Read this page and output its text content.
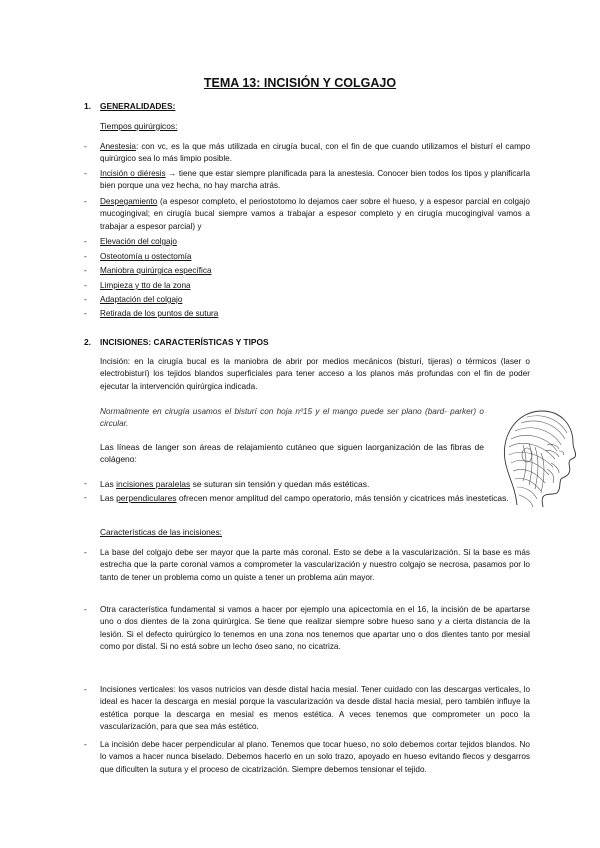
TEMA 13: INCISIÓN Y COLGAJO
1. GENERALIDADES:
Tiempos quirúrgicos:
- Anestesia: con vc, es la que más utilizada en cirugía bucal, con el fin de que cuando utilizamos el bisturí el campo quirúrgico sea lo más limpio posible.
- Incisión o diéresis → tiene que estar siempre planificada para la anestesia. Conocer bien todos los tipos y planificarla bien porque una vez hecha, no hay marcha atrás.
- Despegamiento (a espesor completo, el periostotomo lo dejamos caer sobre el hueso, y a espesor parcial en colgajo mucogingival; en cirugía bucal siempre vamos a trabajar a espesor completo y en cirugía mucogingival vamos a trabajar a espesor parcial) y
- Elevación del colgajo
- Osteotomía u ostectomía
- Maniobra quirúrgica específica
- Limpieza y tto de la zona
- Adaptación del colgajo
- Retirada de los puntos de sutura
2. INCISIONES: CARACTERÍSTICAS Y TIPOS
Incisión: en la cirugía bucal es la maniobra de abrir por medios mecánicos (bisturí, tijeras) o térmicos (laser o electrobisturí) los tejidos blandos superficiales para tener acceso a los planos más profundas con el fin de poder ejecutar la intervención quirúrgica indicada.
Normalmente en cirugía usamos el bisturí con hoja nº15 y el mango puede ser plano (bard- parker) o circular.
Las líneas de langer son áreas de relajamiento cutáneo que siguen laorganización de las fibras de colágeno:
- Las incisiones paralelas se suturan sin tensión y quedan más estéticas.
- Las perpendiculares ofrecen menor amplitud del campo operatorio, más tensión y cicatrices más inesteticas.
Características de las incisiones:
- La base del colgajo debe ser mayor que la parte más coronal. Esto se debe a la vascularización. Si la base es más estrecha que la parte coronal vamos a comprometer la vascularización y nuestro colgajo se necrosa, pasamos por lo tanto de tener un problema como un quiste a tener un problema aún mayor.
- Otra característica fundamental si vamos a hacer por ejemplo una apicectomía en el 16, la incisión de be apartarse uno o dos dientes de la zona quirúrgica. Se tiene que realizar siempre sobre hueso sano y a cierta distancia de la lesión. Si el defecto quirúrgico lo tenemos en una zona nos tenemos que apartar uno o dos dientes tanto por mesial como por distal. Si no está sobre un lecho óseo sano, no cicatriza.
- Incisiones verticales: los vasos nutricios van desde distal hacia mesial. Tener cuidado con las descargas verticales, lo ideal es hacer la descarga en mesial porque la vascularización va desde distal hacia mesial, pero también influye la estética porque la descarga en mesial es menos estética. A veces tenemos que comprometer un poco la vascularización, para que sea más estético.
- La incisión debe hacer perpendicular al plano. Tenemos que tocar hueso, no solo debemos cortar tejidos blandos. No lo vamos a hacer nunca biselado. Debemos hacerlo en un solo trazo, apoyado en hueso evitando flecos y desgarros que dificulten la sutura y el proceso de cicatrización. Siempre debemos tensionar el tejido.
